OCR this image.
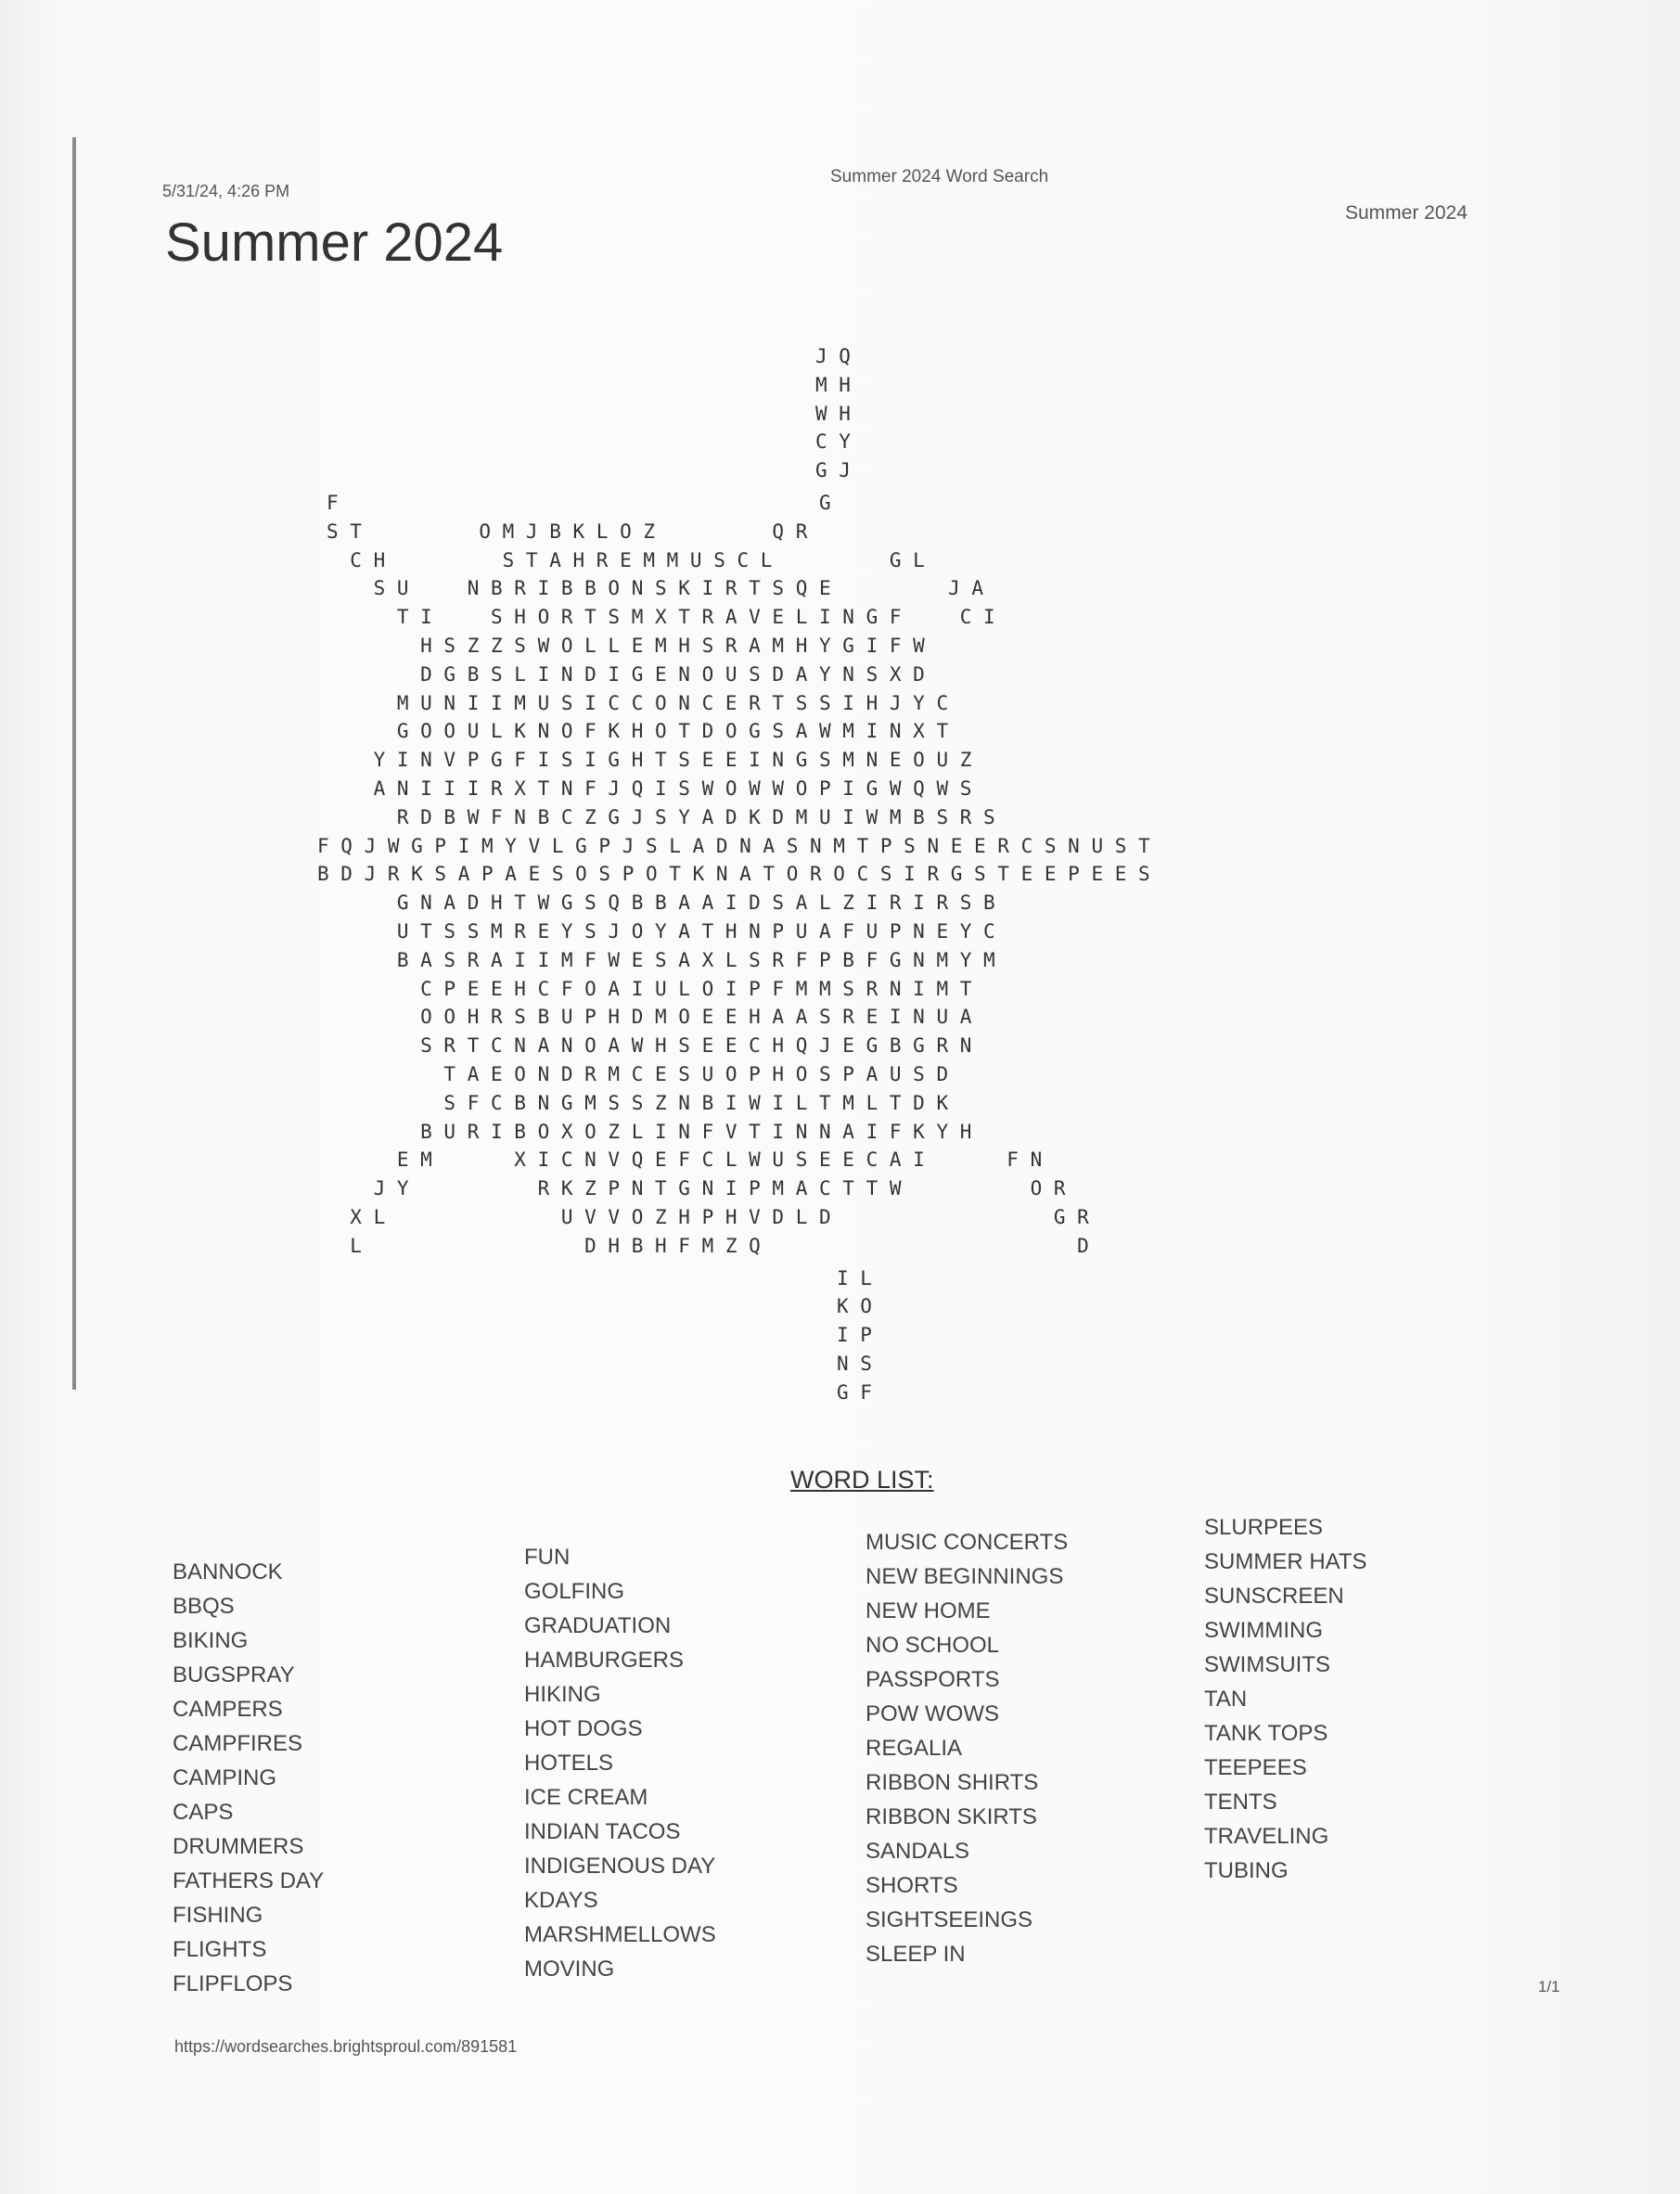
5/31/24, 4:26 PM
Summer 2024 Word Search
Summer 2024
Summer 2024
J Q
M H
W H
C Y
G J
F                                         G
S T          O M J B K L O Z          Q R
C H          S T A H R E M M U S C L          G L
S U     N B R I B B O N S K I R T S Q E          J A
T I     S H O R T S M X T R A V E L I N G F     C I
H S Z Z S W O L L E M H S R A M H Y G I F W
D G B S L I N D I G E N O U S D A Y N S X D
M U N I I M U S I C C O N C E R T S S I H J Y C
G O O U L K N O F K H O T D O G S A W M I N X T
Y I N V P G F I S I G H T S E E I N G S M N E O U Z
A N I I I R X T N F J Q I S W O W W O P I G W Q W S
R D B W F N B C Z G J S Y A D K D M U I W M B S R S
F Q J W G P I M Y V L G P J S L A D N A S N M T P S N E E R C S N U S T
B D J R K S A P A E S O S P O T K N A T O R O C S I R G S T E E P E E S
G N A D H T W G S Q B B A A I D S A L Z I R I R S B
U T S S M R E Y S J O Y A T H N P U A F U P N E Y C
B A S R A I I M F W E S A X L S R F P B F G N M Y M
C P E E H C F O A I U L O I P F M M S R N I M T
O O H R S B U P H D M O E E H A A S R E I N U A
S R T C N A N O A W H S E E C H Q J E G B G R N
T A E O N D R M C E S U O P H O S P A U S D
S F C B N G M S S Z N B I W I L T M L T D K
B U R I B O X O Z L I N F V T I N N A I F K Y H
E M       X I C N V Q E F C L W U S E E C A I       F N
J Y           R K Z P N T G N I P M A C T T W           O R
X L               U V V O Z H P H V D L D                   G R
L                   D H B H F M Z Q                           D
I L
K O
I P
N S
G F
WORD LIST:
BANNOCK
BBQS
BIKING
BUGSPRAY
CAMPERS
CAMPFIRES
CAMPING
CAPS
DRUMMERS
FATHERS DAY
FISHING
FLIGHTS
FLIPFLOPS
FUN
GOLFING
GRADUATION
HAMBURGERS
HIKING
HOT DOGS
HOTELS
ICE CREAM
INDIAN TACOS
INDIGENOUS DAY
KDAYS
MARSHMELLOWS
MOVING
MUSIC CONCERTS
NEW BEGINNINGS
NEW HOME
NO SCHOOL
PASSPORTS
POW WOWS
REGALIA
RIBBON SHIRTS
RIBBON SKIRTS
SANDALS
SHORTS
SIGHTSEEINGS
SLEEP IN
SLURPEES
SUMMER HATS
SUNSCREEN
SWIMMING
SWIMSUITS
TAN
TANK TOPS
TEEPEES
TENTS
TRAVELING
TUBING
https://wordsearches.brightsproul.com/891581
1/1
